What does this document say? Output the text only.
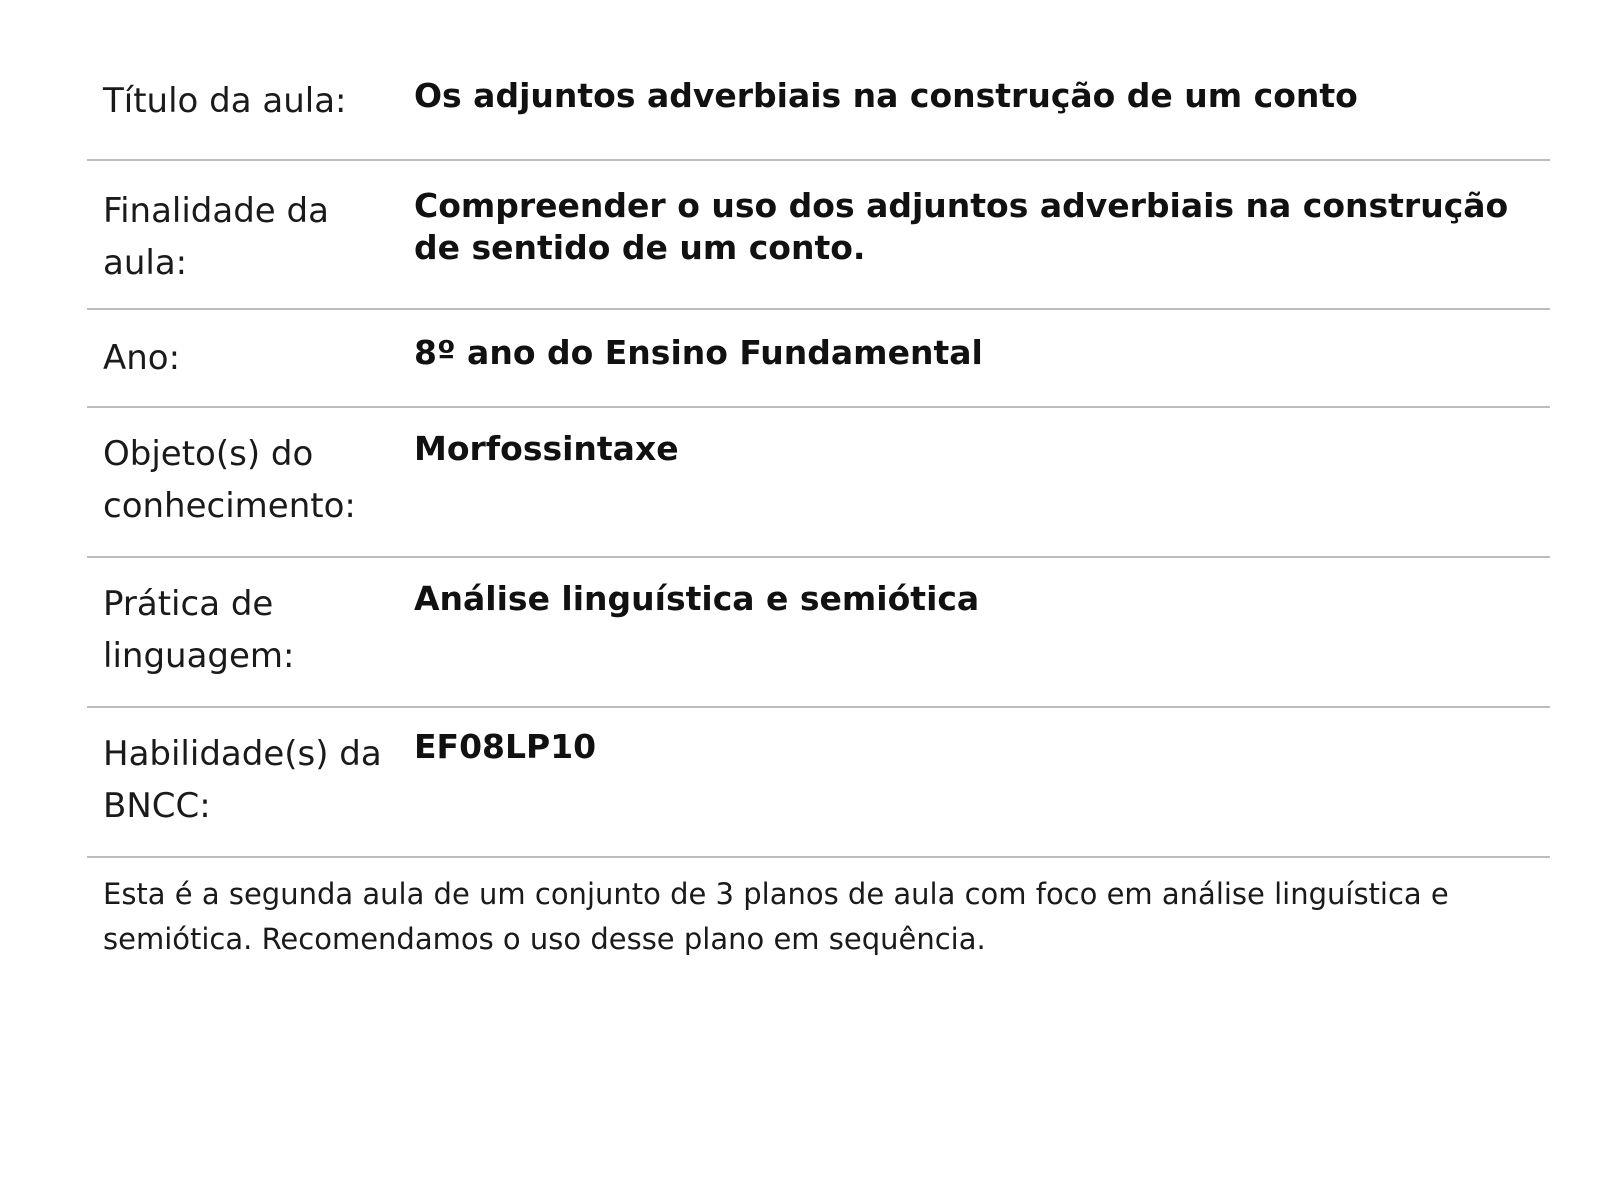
Título da aula:	Os adjuntos adverbiais na construção de um conto
Finalidade da aula:
Compreender o uso dos adjuntos adverbiais na construção de sentido de um conto.
Ano:	8º ano do Ensino Fundamental
Objeto(s) do conhecimento:
Morfossintaxe
Prática de linguagem:
Análise linguística e semiótica
Habilidade(s) da BNCC:
EF08LP10
Esta é a segunda aula de um conjunto de 3 planos de aula com foco em análise linguística e semiótica. Recomendamos o uso desse plano em sequência.
